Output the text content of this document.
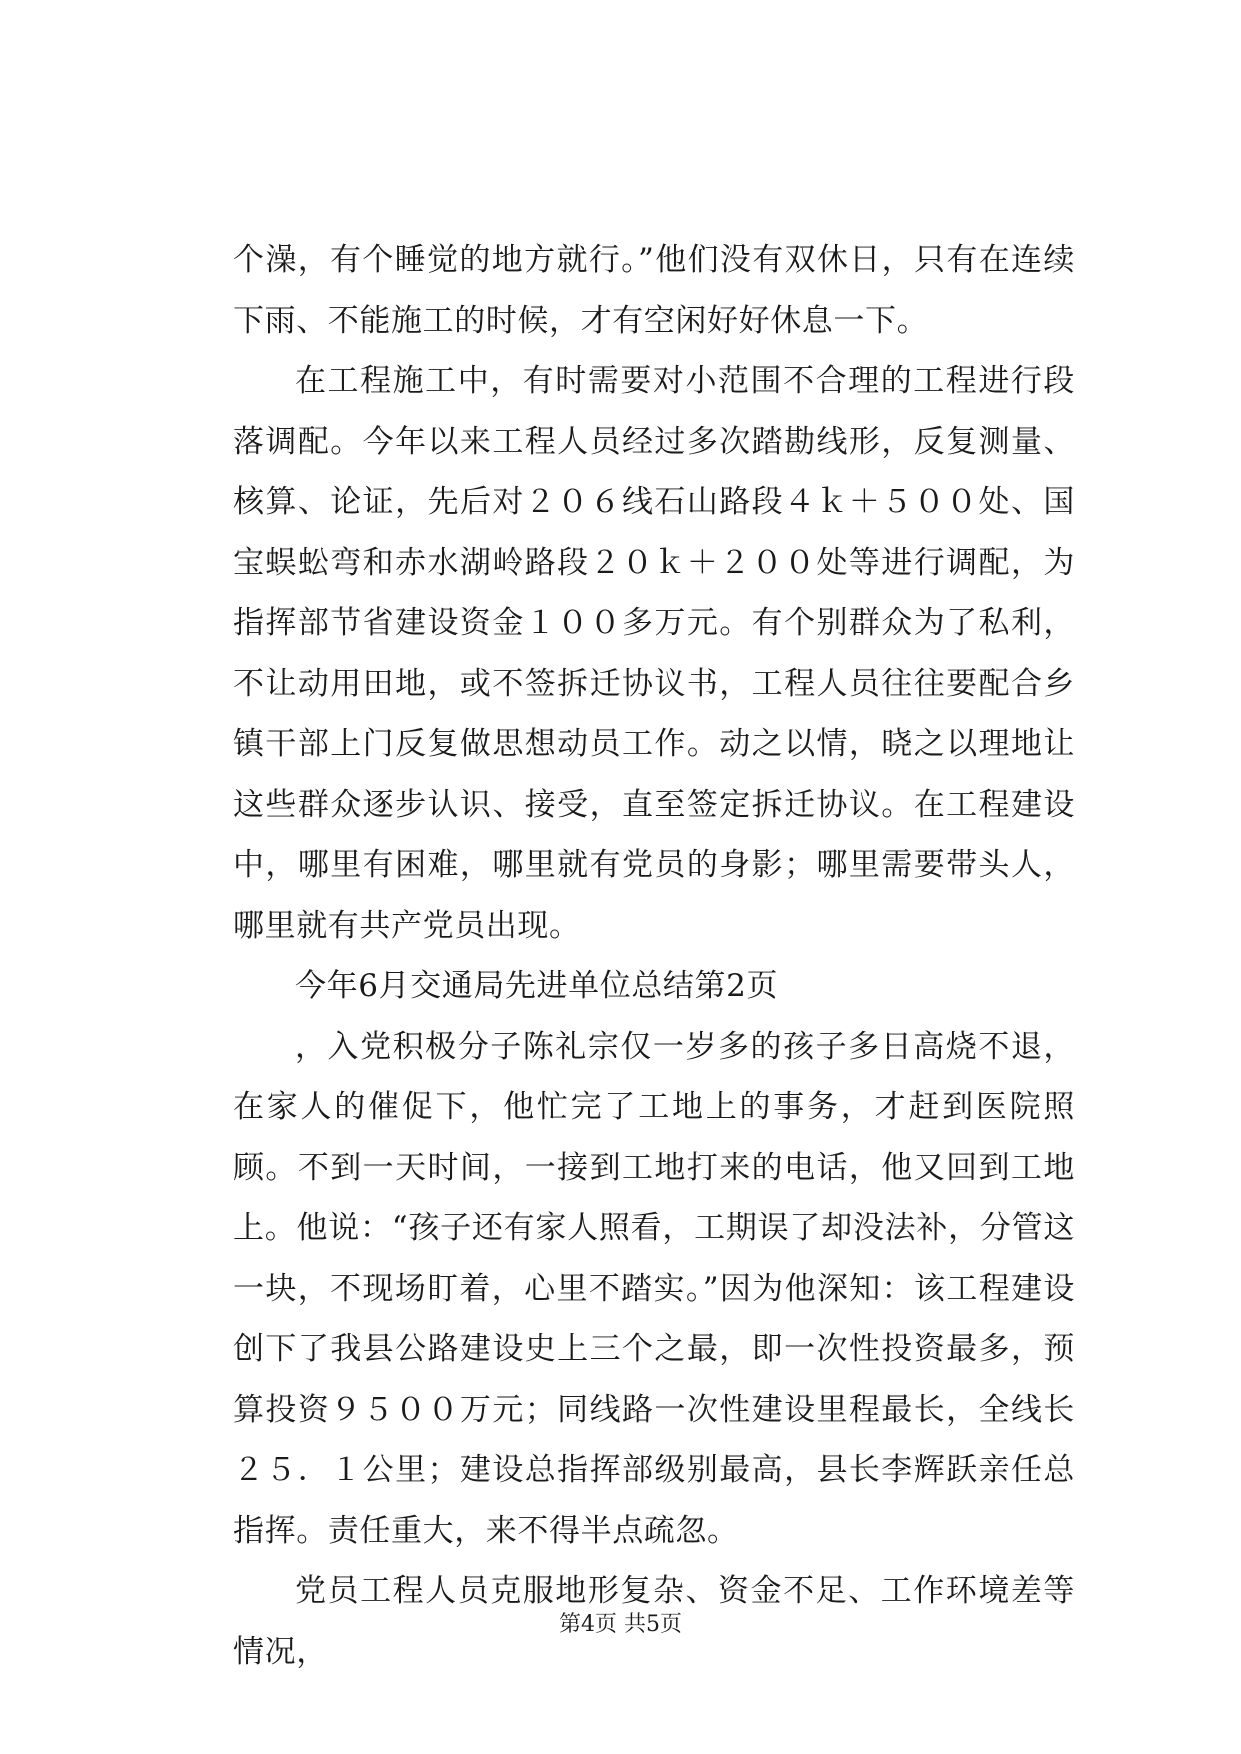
个澡，有个睡觉的地方就行。”他们没有双休日，只有在连续下雨、不能施工的时候，才有空闲好好休息一下。

在工程施工中，有时需要对小范围不合理的工程进行段落调配。今年以来工程人员经过多次踏勘线形，反复测量、核算、论证，先后对２０６线石山路段４ｋ＋５００处、国宝蜈蚣弯和赤水湖岭路段２０ｋ＋２００处等进行调配，为指挥部节省建设资金１００多万元。有个别群众为了私利，不让动用田地，或不签拆迁协议书，工程人员往往要配合乡镇干部上门反复做思想动员工作。动之以情，晓之以理地让这些群众逐步认识、接受，直至签定拆迁协议。在工程建设中，哪里有困难，哪里就有党员的身影；哪里需要带头人，哪里就有共产党员出现。

今年6月交通局先进单位总结第2页

，入党积极分子陈礼宗仅一岁多的孩子多日高烧不退，在家人的催促下，他忙完了工地上的事务，才赶到医院照顾。不到一天时间，一接到工地打来的电话，他又回到工地上。他说：“孩子还有家人照看，工期误了却没法补，分管这一块，不现场盯着，心里不踏实。”因为他深知：该工程建设创下了我县公路建设史上三个之最，即一次性投资最多，预算投资９５００万元；同线路一次性建设里程最长，全线长２５．１公里；建设总指挥部级别最高，县长李辉跃亲任总指挥。责任重大，来不得半点疏忽。

党员工程人员克服地形复杂、资金不足、工作环境差等情况，

第4页 共5页
